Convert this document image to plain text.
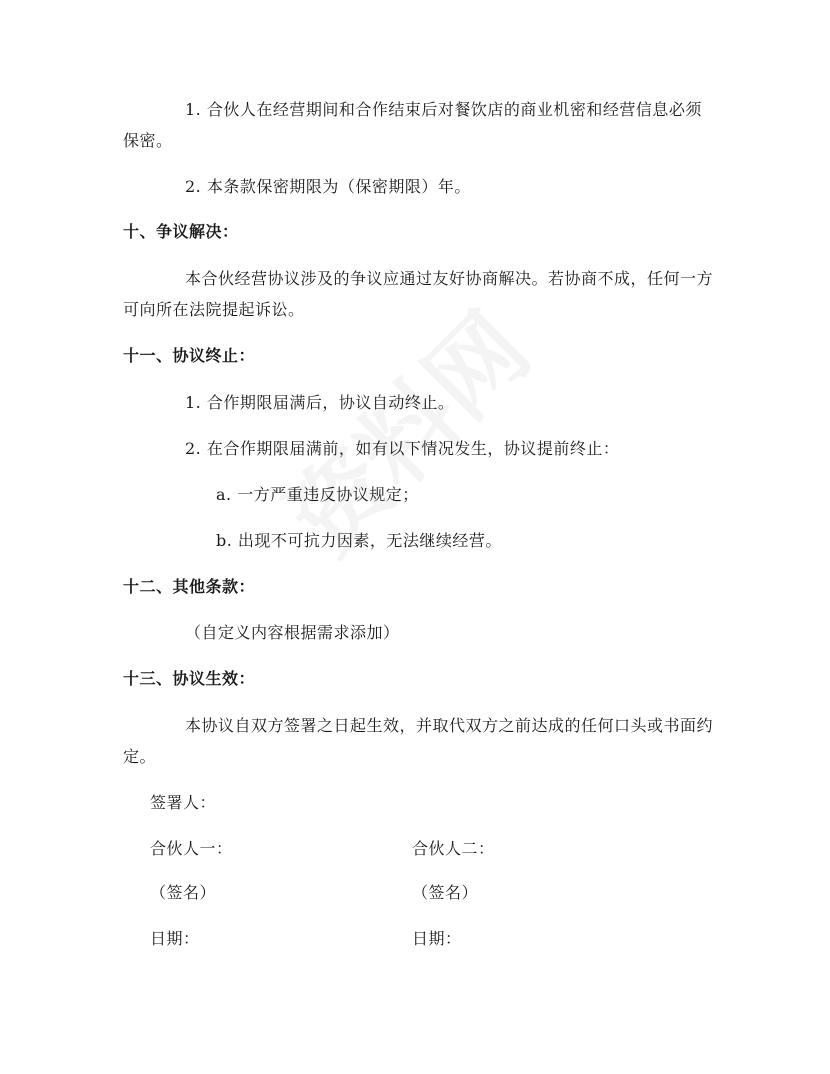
1. 合伙人在经营期间和合作结束后对餐饮店的商业机密和经营信息必须
保密。
2. 本条款保密期限为（保密期限）年。
十、争议解决：
本合伙经营协议涉及的争议应通过友好协商解决。若协商不成，任何一方
可向所在法院提起诉讼。
十一、协议终止：
1. 合作期限届满后，协议自动终止。
2. 在合作期限届满前，如有以下情况发生，协议提前终止：
a. 一方严重违反协议规定；
b. 出现不可抗力因素，无法继续经营。
十二、其他条款：
（自定义内容根据需求添加）
十三、协议生效：
本协议自双方签署之日起生效，并取代双方之前达成的任何口头或书面约
定。
签署人：
合伙人一：	合伙人二：
（签名）	（签名）
日期：	日期：
